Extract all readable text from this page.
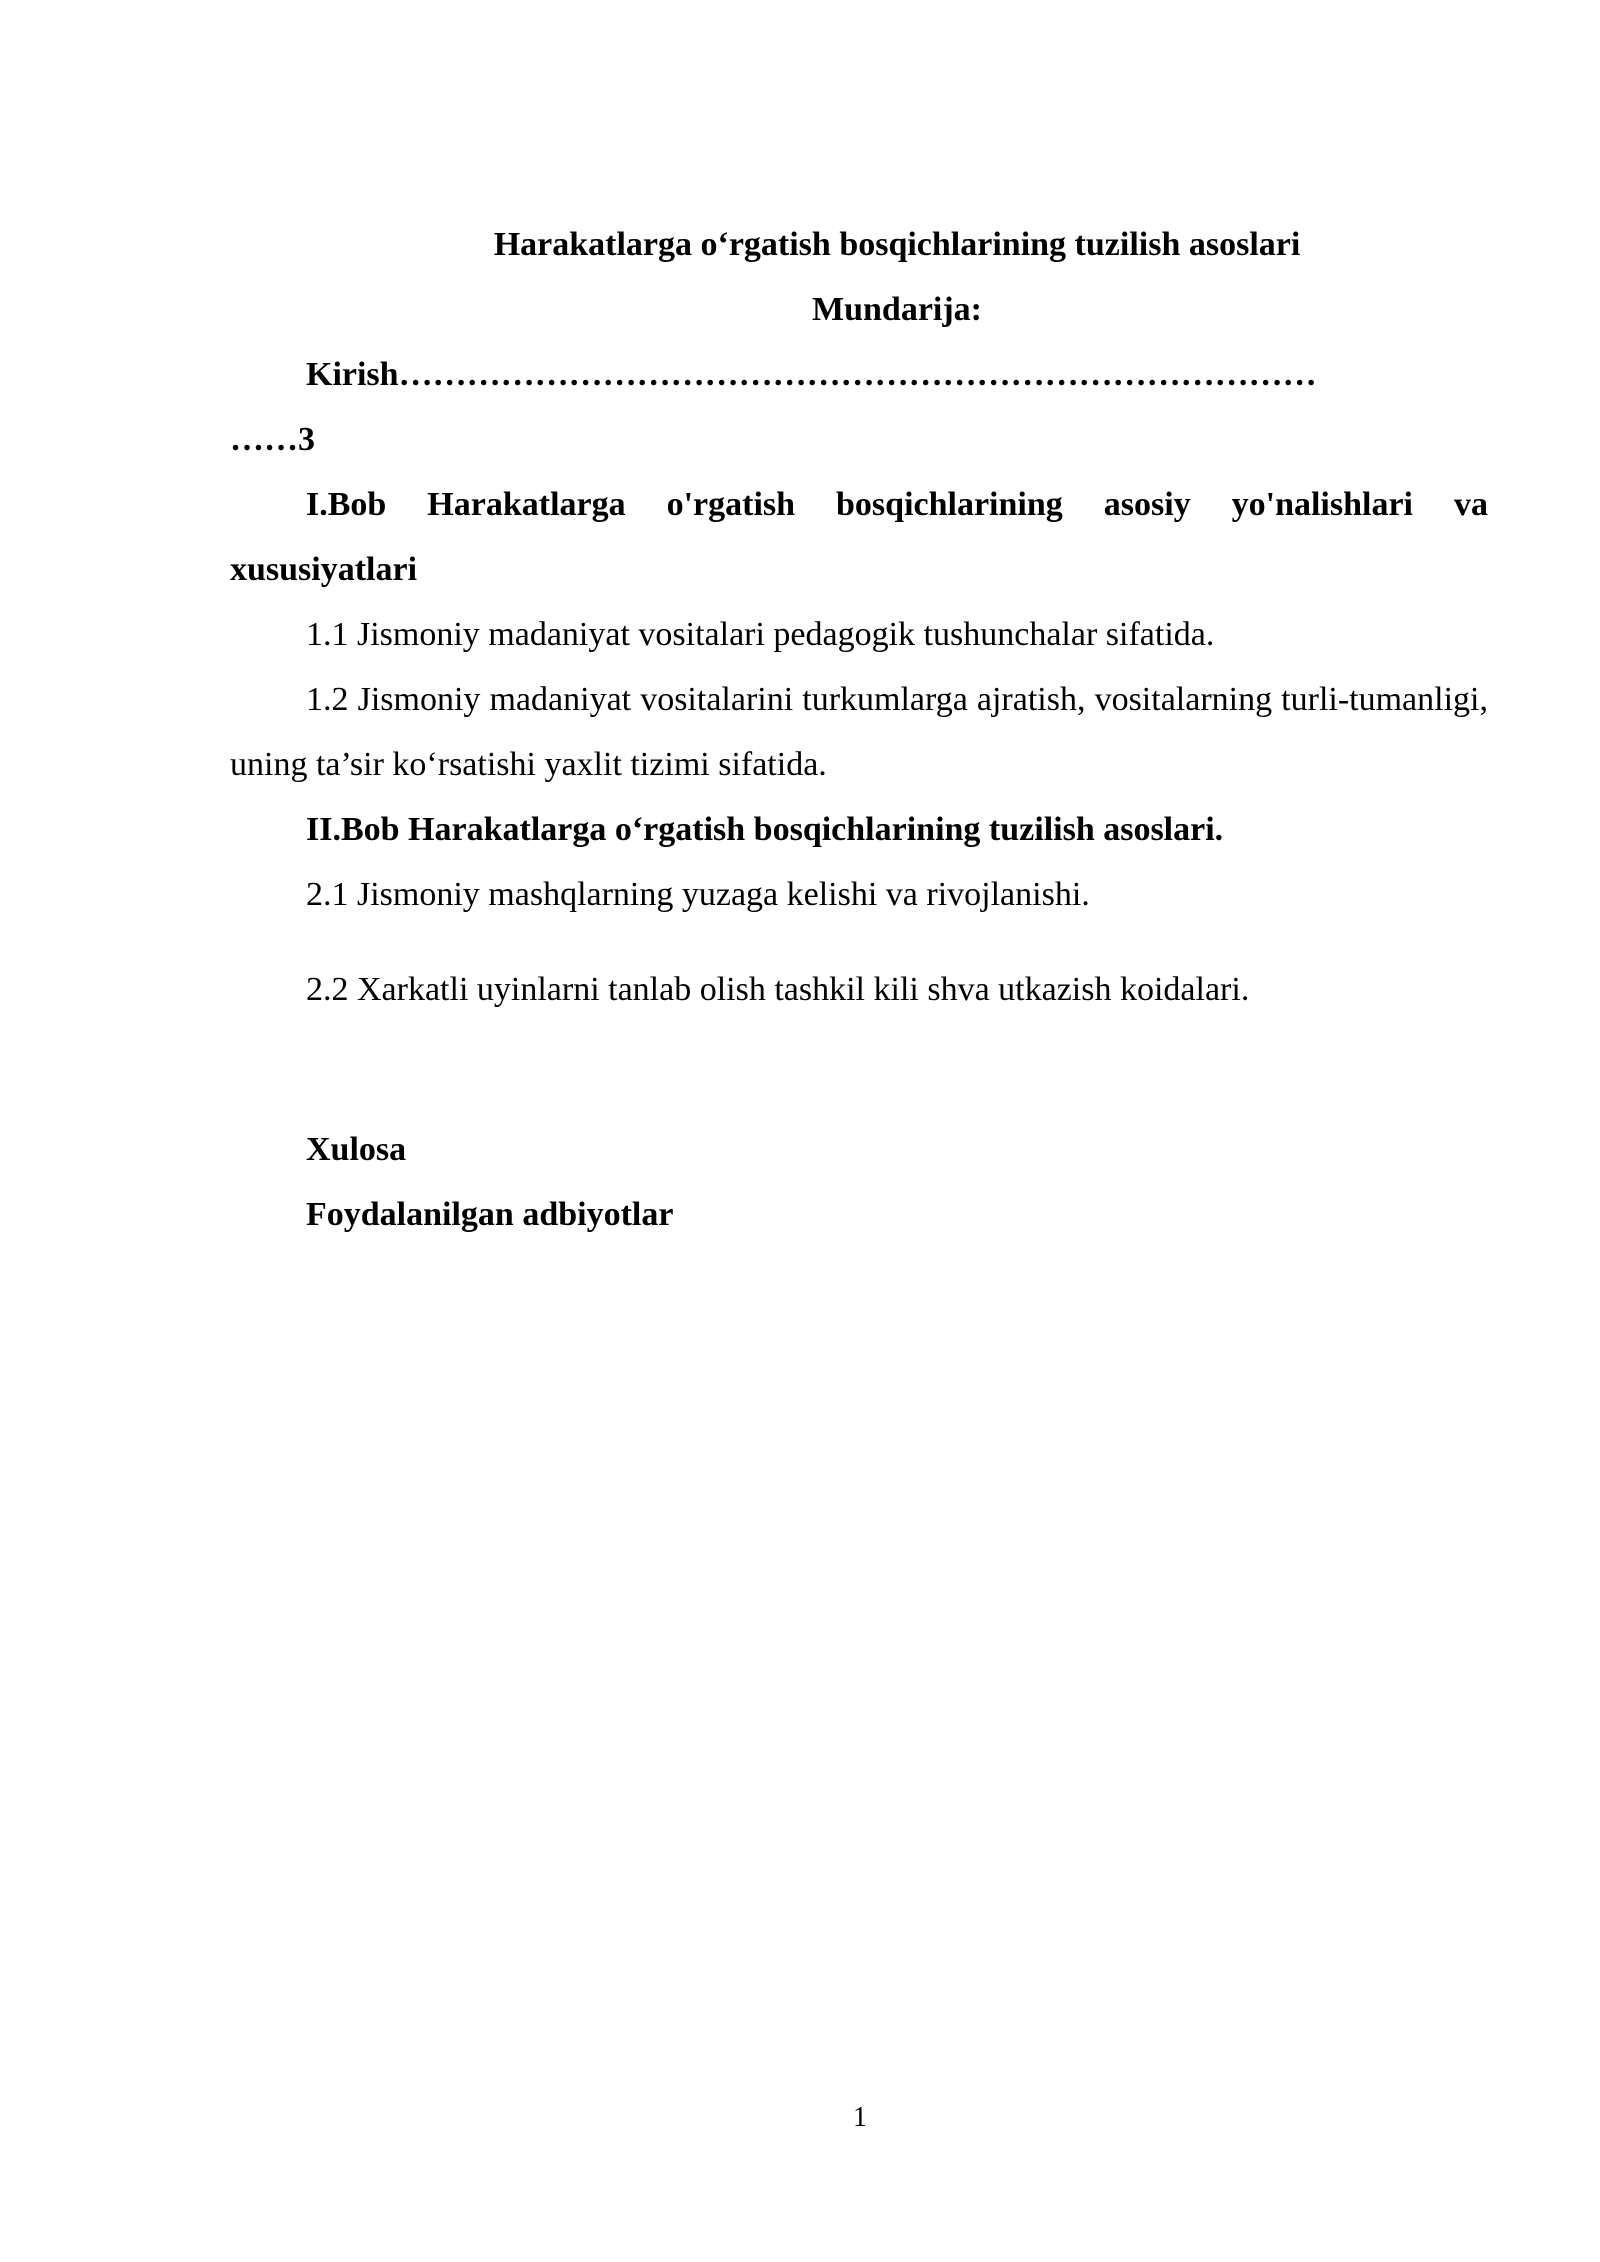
Harakatlarga o‘rgatish bosqichlarining tuzilish asoslari

Mundarija:

Kirish………………………………………………………………………

……3

I.Bob Harakatlarga o'rgatish bosqichlarining asosiy yo'nalishlari va xususiyatlari

1.1 Jismoniy madaniyat vositalari pedagogik tushunchalar sifatida.

1.2 Jismoniy madaniyat vositalarini turkumlarga ajratish, vositalarning turli-tumanligi, uning ta’sir ko‘rsatishi yaxlit tizimi sifatida.

II.Bob Harakatlarga o‘rgatish bosqichlarining tuzilish asoslari.

2.1 Jismoniy mashqlarning yuzaga kelishi va rivojlanishi.

2.2 Xarkatli uyinlarni tanlab olish tashkil kili shva utkazish koidalari.

Xulosa

Foydalanilgan adbiyotlar

1
